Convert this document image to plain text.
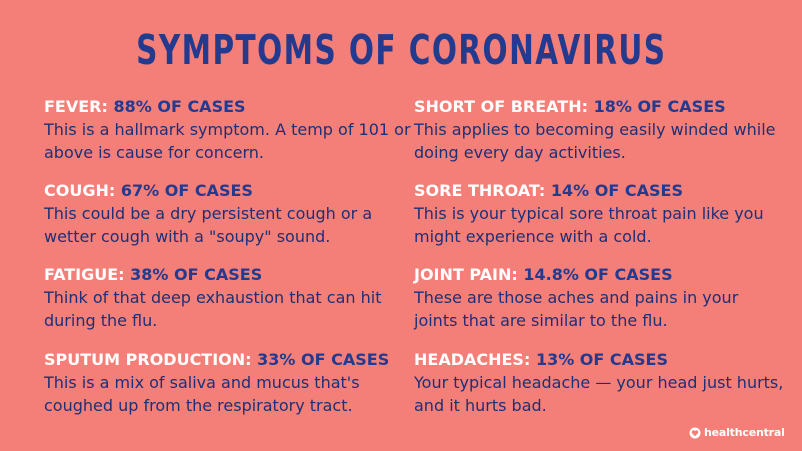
SYMPTOMS OF CORONAVIRUS
FEVER: 88% OF CASES
This is a hallmark symptom. A temp of 101 or above is cause for concern.
COUGH: 67% OF CASES
This could be a dry persistent cough or a wetter cough with a "soupy" sound.
FATIGUE: 38% OF CASES
Think of that deep exhaustion that can hit during the flu.
SPUTUM PRODUCTION: 33% OF CASES
This is a mix of saliva and mucus that's coughed up from the respiratory tract.
SHORT OF BREATH: 18% OF CASES
This applies to becoming easily winded while doing every day activities.
SORE THROAT: 14% OF CASES
This is your typical sore throat pain like you might experience with a cold.
JOINT PAIN: 14.8% OF CASES
These are those aches and pains in your joints that are similar to the flu.
HEADACHES: 13% OF CASES
Your typical headache — your head just hurts, and it hurts bad.
healthcentral
